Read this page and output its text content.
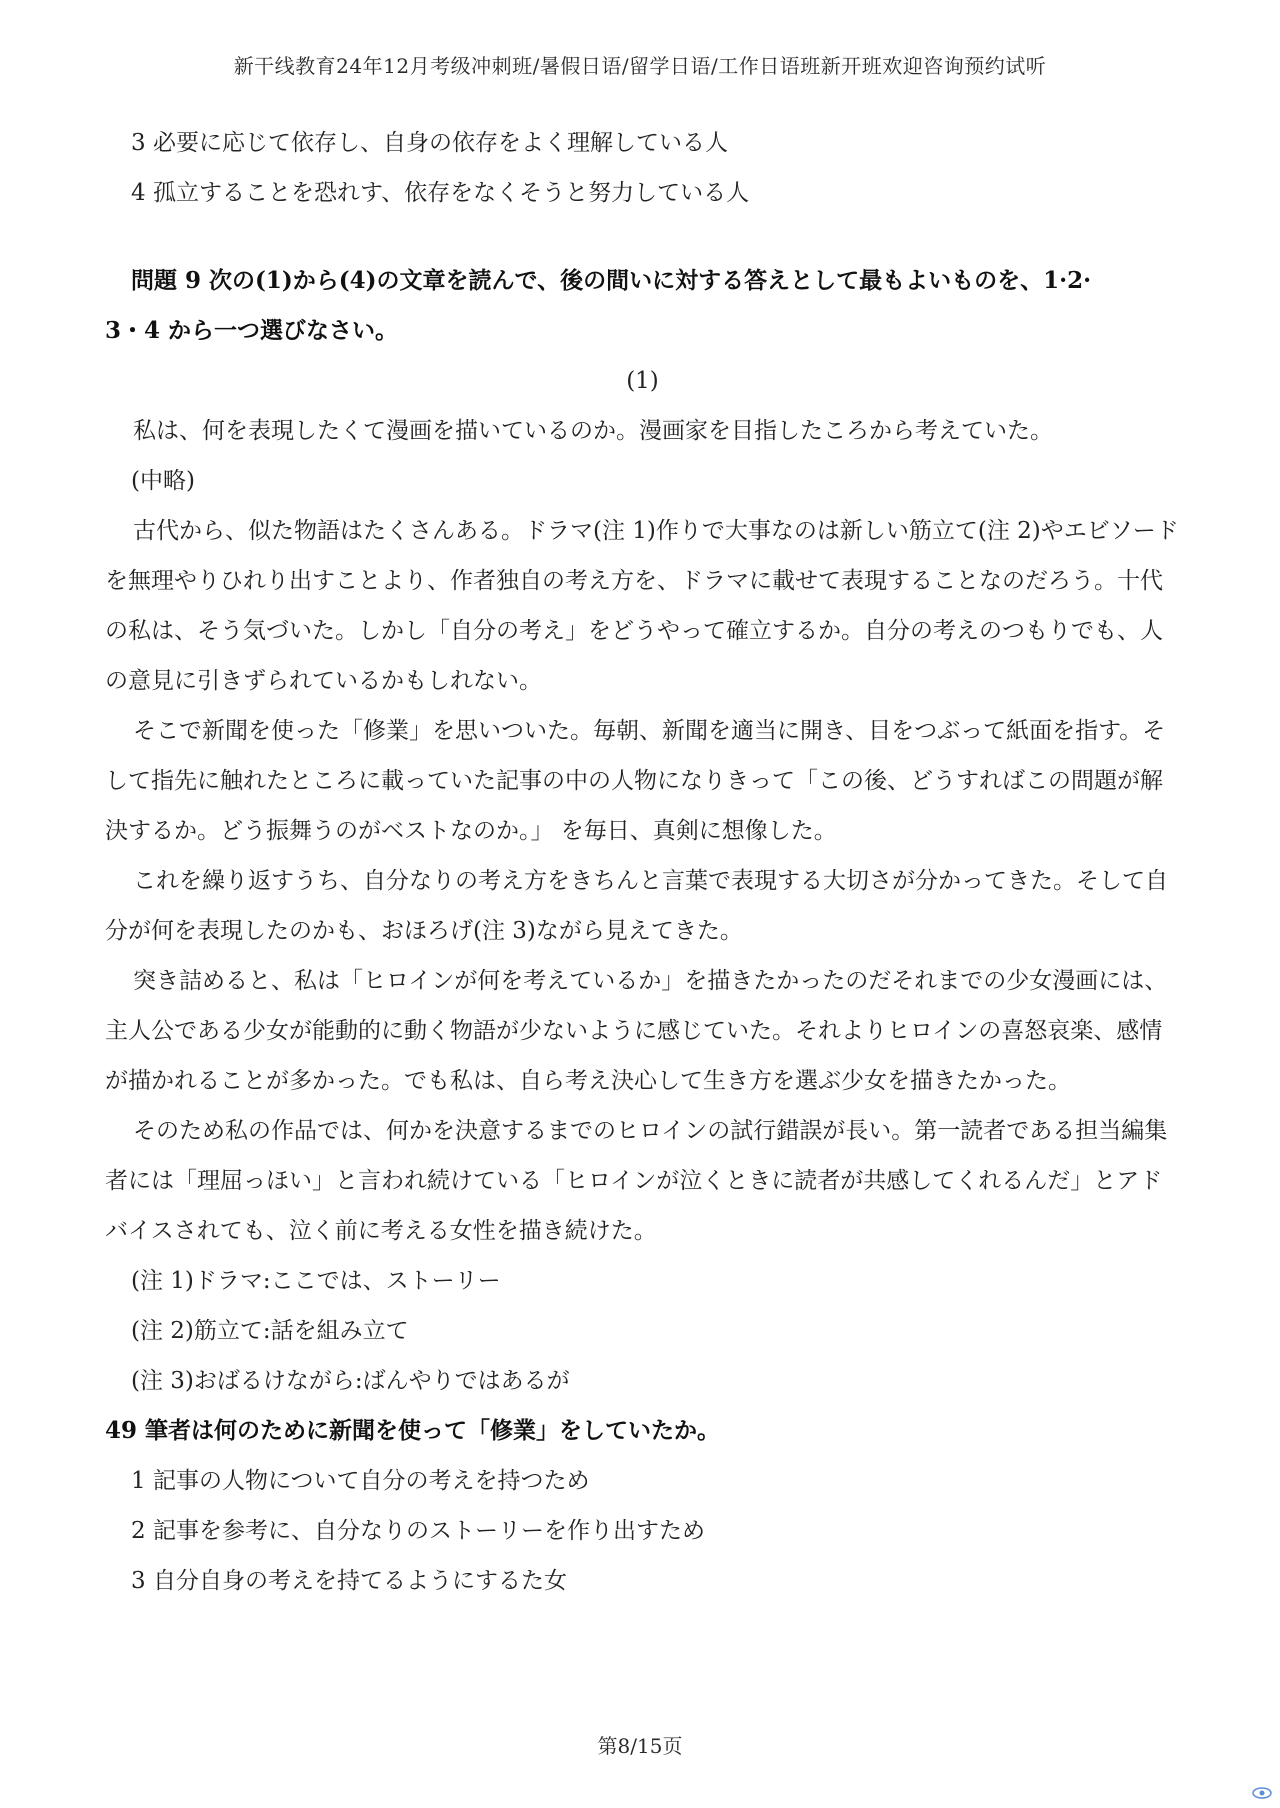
新干线教育24年12月考级冲刺班/暑假日语/留学日语/工作日语班新开班欢迎咨询预约试听
3 必要に応じて依存し、自身の依存をよく理解している人
4 孤立することを恐れす、依存をなくそうと努力している人
問題 9 次の(1)から(4)の文章を読んで、後の間いに対する答えとして最もよいものを、1·2·
3・4 から一つ選びなさい。
(1)
私は、何を表現したくて漫画を描いているのか。漫画家を目指したころから考えていた。
(中略)
古代から、似た物語はたくさんある。ドラマ(注 1)作りで大事なのは新しい筋立て(注 2)やエビソードを無理やりひれり出すことより、作者独自の考え方を、ドラマに載せて表現することなのだろう。十代の私は、そう気づいた。しかし「自分の考え」をどうやって確立するか。自分の考えのつもりでも、人の意見に引きずられているかもしれない。
そこで新聞を使った「修業」を思いついた。毎朝、新聞を適当に開き、目をつぶって紙面を指す。そして指先に触れたところに載っていた記事の中の人物になりきって「この後、どうすればこの問題が解決するか。どう振舞うのがベストなのか。」 を毎日、真剣に想像した。
これを繰り返すうち、自分なりの考え方をきちんと言葉で表現する大切さが分かってきた。そして自分が何を表現したのかも、おほろげ(注 3)ながら見えてきた。
突き詰めると、私は「ヒロインが何を考えているか」を描きたかったのだそれまでの少女漫画には、主人公である少女が能動的に動く物語が少ないように感じていた。それよりヒロインの喜怒哀楽、感情が描かれることが多かった。でも私は、自ら考え決心して生き方を選ぶ少女を描きたかった。
そのため私の作品では、何かを決意するまでのヒロインの試行錯誤が長い。第一読者である担当編集者には「理屈っほい」と言われ続けている「ヒロインが泣くときに読者が共感してくれるんだ」とアドバイスされても、泣く前に考える女性を描き続けた。
(注 1)ドラマ:ここでは、ストーリー
(注 2)筋立て:話を組み立て
(注 3)おばるけながら:ばんやりではあるが
49 筆者は何のために新聞を使って「修業」をしていたか。
1 記事の人物について自分の考えを持つため
2 記事を参考に、自分なりのストーリーを作り出すため
3 自分自身の考えを持てるようにするた女
第8/15页
